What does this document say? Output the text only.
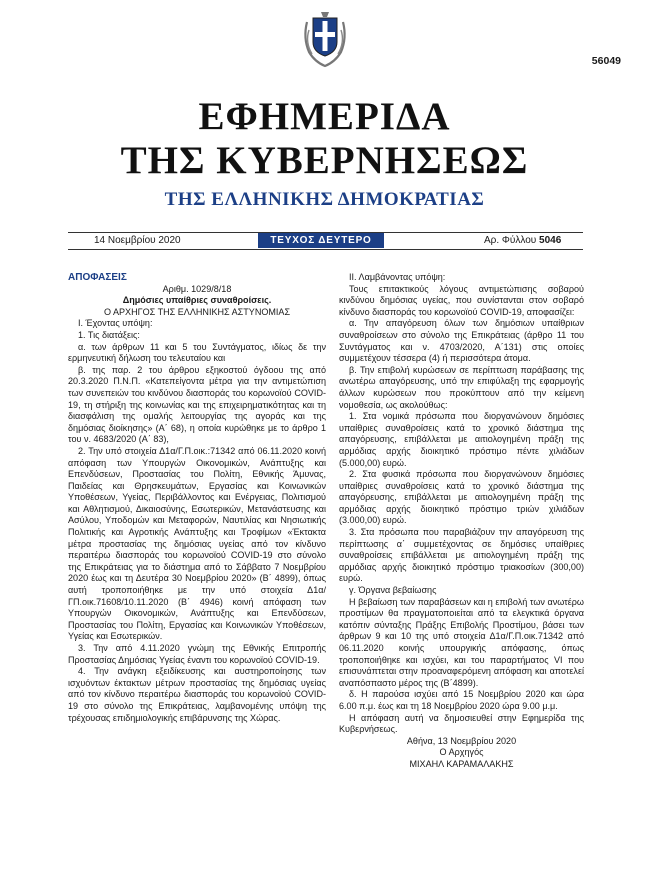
56049
ΕΦΗΜΕΡΙΔΑ
ΤΗΣ ΚΥΒΕΡΝΗΣΕΩΣ
ΤΗΣ ΕΛΛΗΝΙΚΗΣ ΔΗΜΟΚΡΑΤΙΑΣ
14 Νοεμβρίου 2020	ΤΕΥΧΟΣ ΔΕΥΤΕΡΟ	Αρ. Φύλλου 5046

ΑΠΟΦΑΣΕΙΣ

Αριθμ. 1029/8/18

Δημόσιες υπαίθριες συναθροίσεις.

Ο ΑΡΧΗΓΟΣ ΤΗΣ ΕΛΛΗΝΙΚΗΣ ΑΣΤΥΝΟΜΙΑΣ

Ι. Έχοντας υπόψη:

1. Τις διατάξεις:

α. των άρθρων 11 και 5 του Συντάγματος, ιδίως δε την ερμηνευτική δήλωση του τελευταίου και

β. της παρ. 2 του άρθρου εξηκοστού όγδοου της από 20.3.2020 Π.Ν.Π. «Κατεπείγοντα μέτρα για την αντιμετώπιση των συνεπειών του κινδύνου διασποράς του κορωνοϊού COVID-19, τη στήριξη της κοινωνίας και της επιχειρηματικότητας και τη διασφάλιση της ομαλής λειτουργίας της αγοράς και της δημόσιας διοίκησης» (Α΄ 68), η οποία κυρώθηκε με το άρθρο 1 του ν. 4683/2020 (Α΄ 83),

2. Την υπό στοιχεία Δ1α/Γ.Π.οικ.:71342 από 06.11.2020 κοινή απόφαση των Υπουργών Οικονομικών, Ανάπτυξης και Επενδύσεων, Προστασίας του Πολίτη, Εθνικής Άμυνας, Παιδείας και Θρησκευμάτων, Εργασίας και Κοινωνικών Υποθέσεων, Υγείας, Περιβάλλοντος και Ενέργειας, Πολιτισμού και Αθλητισμού, Δικαιοσύνης, Εσωτερικών, Μετανάστευσης και Ασύλου, Υποδομών και Μεταφορών, Ναυτιλίας και Νησιωτικής Πολιτικής και Αγροτικής Ανάπτυξης και Τροφίμων «Έκτακτα μέτρα προστασίας της δημόσιας υγείας από τον κίνδυνο περαιτέρω διασποράς του κορωνοϊού COVID-19 στο σύνολο της Επικράτειας για το διάστημα από το Σάββατο 7 Νοεμβρίου 2020 έως και τη Δευτέρα 30 Νοεμβρίου 2020» (Β΄ 4899), όπως αυτή τροποποιήθηκε με την υπό στοιχεία Δ1α/ΓΠ.οικ.71608/10.11.2020 (Β΄ 4946) κοινή απόφαση των Υπουργών Οικονομικών, Ανάπτυξης και Επενδύσεων, Προστασίας του Πολίτη, Εργασίας και Κοινωνικών Υποθέσεων, Υγείας και Εσωτερικών.

3. Την από 4.11.2020 γνώμη της Εθνικής Επιτροπής Προστασίας Δημόσιας Υγείας έναντι του κορωνοϊού COVID-19.

4. Την ανάγκη εξειδίκευσης και αυστηροποίησης των ισχυόντων έκτακτων μέτρων προστασίας της δημόσιας υγείας από τον κίνδυνο περαιτέρω διασποράς του κορωνοϊού COVID-19 στο σύνολο της Επικράτειας, λαμβανομένης υπόψη της τρέχουσας επιδημιολογικής επιβάρυνσης της Χώρας.

ΙΙ. Λαμβάνοντας υπόψη:

Τους επιτακτικούς λόγους αντιμετώπισης σοβαρού κινδύνου δημόσιας υγείας, που συνίστανται στον σοβαρό κίνδυνο διασποράς του κορωνοϊού COVID-19, αποφασίζει:

α. Την απαγόρευση όλων των δημόσιων υπαίθριων συναθροίσεων στο σύνολο της Επικράτειας (άρθρο 11 του Συντάγματος και ν. 4703/2020, Α΄131) στις οποίες συμμετέχουν τέσσερα (4) ή περισσότερα άτομα.

β. Την επιβολή κυρώσεων σε περίπτωση παράβασης της ανωτέρω απαγόρευσης, υπό την επιφύλαξη της εφαρμογής άλλων κυρώσεων που προκύπτουν από την κείμενη νομοθεσία, ως ακολούθως:

1. Στα νομικά πρόσωπα που διοργανώνουν δημόσιες υπαίθριες συναθροίσεις κατά το χρονικό διάστημα της απαγόρευσης, επιβάλλεται με αιτιολογημένη πράξη της αρμόδιας αρχής διοικητικό πρόστιμο πέντε χιλιάδων (5.000,00) ευρώ.

2. Στα φυσικά πρόσωπα που διοργανώνουν δημόσιες υπαίθριες συναθροίσεις κατά το χρονικό διάστημα της απαγόρευσης, επιβάλλεται με αιτιολογημένη πράξη της αρμόδιας αρχής διοικητικό πρόστιμο τριών χιλιάδων (3.000,00) ευρώ.

3. Στα πρόσωπα που παραβιάζουν την απαγόρευση της περίπτωσης α΄ συμμετέχοντας σε δημόσιες υπαίθριες συναθροίσεις επιβάλλεται με αιτιολογημένη πράξη της αρμόδιας αρχής διοικητικό πρόστιμο τριακοσίων (300,00) ευρώ.

γ. Όργανα βεβαίωσης

Η βεβαίωση των παραβάσεων και η επιβολή των ανωτέρω προστίμων θα πραγματοποιείται από τα ελεγκτικά όργανα κατόπιν σύνταξης Πράξης Επιβολής Προστίμου, βάσει των άρθρων 9 και 10 της υπό στοιχεία Δ1α/Γ.Π.οικ.71342 από 06.11.2020 κοινής υπουργικής απόφασης, όπως τροποποιήθηκε και ισχύει, και του παραρτήματος VI που επισυνάπτεται στην προαναφερόμενη απόφαση και αποτελεί αναπόσπαστο μέρος της (Β΄4899).

δ. Η παρούσα ισχύει από 15 Νοεμβρίου 2020 και ώρα 6.00 π.μ. έως και τη 18 Νοεμβρίου 2020 ώρα 9.00 μ.μ.

Η απόφαση αυτή να δημοσιευθεί στην Εφημερίδα της Κυβερνήσεως.

Αθήνα, 13 Νοεμβρίου 2020

Ο Αρχηγός

ΜΙΧΑΗΛ ΚΑΡΑΜΑΛΑΚΗΣ
